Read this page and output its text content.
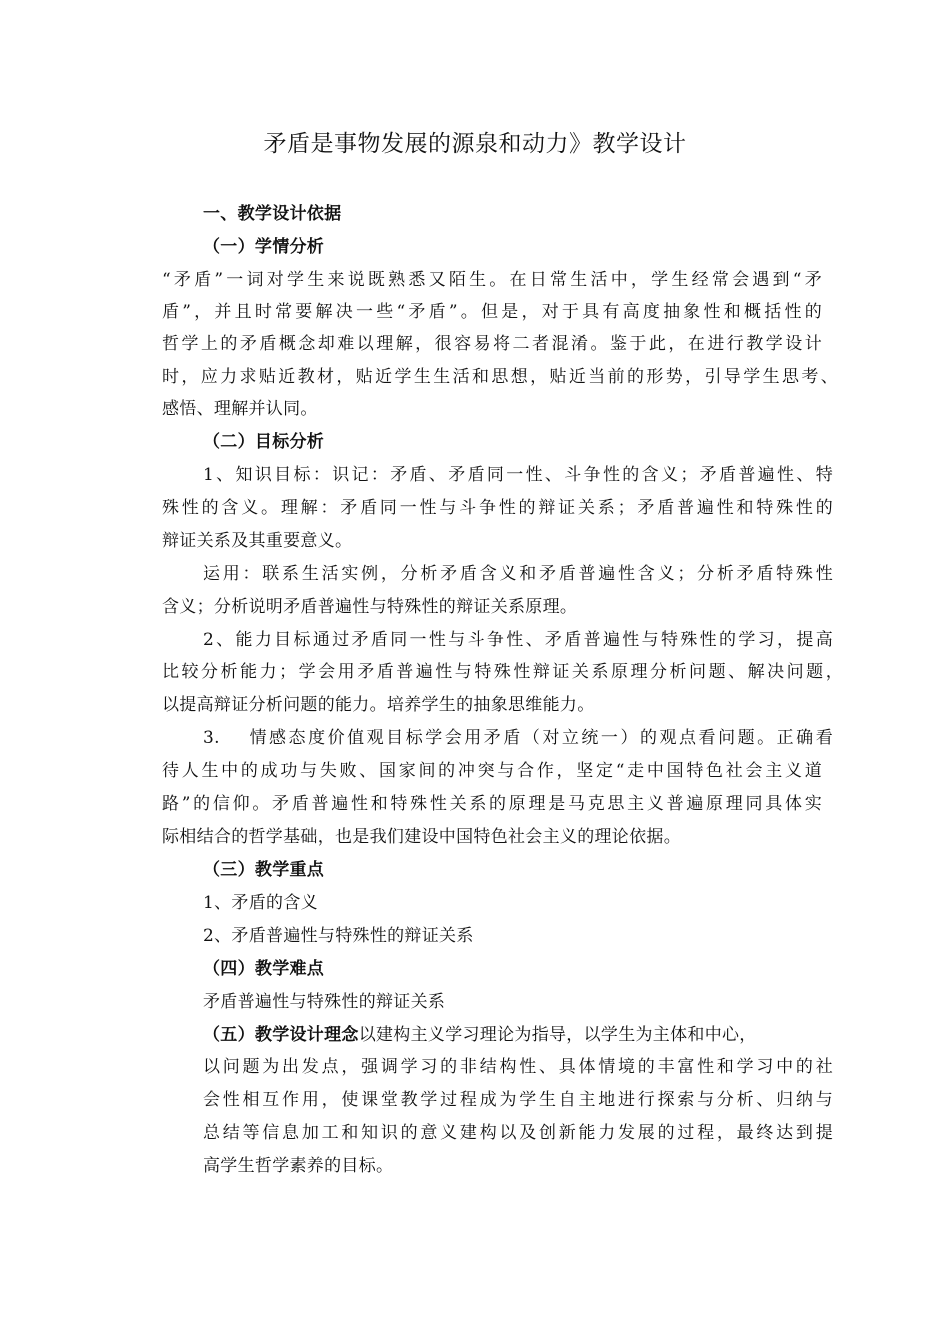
矛盾是事物发展的源泉和动力》教学设计
一、教学设计依据
（一）学情分析
“矛盾”一词对学生来说既熟悉又陌生。在日常生活中，学生经常会遇到“矛
盾”，并且时常要解决一些“矛盾”。但是，对于具有高度抽象性和概括性的
哲学上的矛盾概念却难以理解，很容易将二者混淆。鉴于此，在进行教学设计
时，应力求贴近教材，贴近学生生活和思想，贴近当前的形势，引导学生思考、
感悟、理解并认同。
（二）目标分析
1、知识目标：识记：矛盾、矛盾同一性、斗争性的含义；矛盾普遍性、特
殊性的含义。理解：矛盾同一性与斗争性的辩证关系；矛盾普遍性和特殊性的
辩证关系及其重要意义。
运用：联系生活实例，分析矛盾含义和矛盾普遍性含义；分析矛盾特殊性
含义；分析说明矛盾普遍性与特殊性的辩证关系原理。
2、能力目标通过矛盾同一性与斗争性、矛盾普遍性与特殊性的学习，提高
比较分析能力；学会用矛盾普遍性与特殊性辩证关系原理分析问题、解决问题，
以提高辩证分析问题的能力。培养学生的抽象思维能力。
3.　 情感态度价值观目标学会用矛盾（对立统一）的观点看问题。正确看
待人生中的成功与失败、国家间的冲突与合作，坚定“走中国特色社会主义道
路”的信仰。矛盾普遍性和特殊性关系的原理是马克思主义普遍原理同具体实
际相结合的哲学基础，也是我们建设中国特色社会主义的理论依据。
（三）教学重点
1、矛盾的含义
2、矛盾普遍性与特殊性的辩证关系
（四）教学难点
矛盾普遍性与特殊性的辩证关系
（五）教学设计理念以建构主义学习理论为指导，以学生为主体和中心，
以问题为出发点，强调学习的非结构性、具体情境的丰富性和学习中的社
会性相互作用，使课堂教学过程成为学生自主地进行探索与分析、归纳与
总结等信息加工和知识的意义建构以及创新能力发展的过程，最终达到提
高学生哲学素养的目标。
